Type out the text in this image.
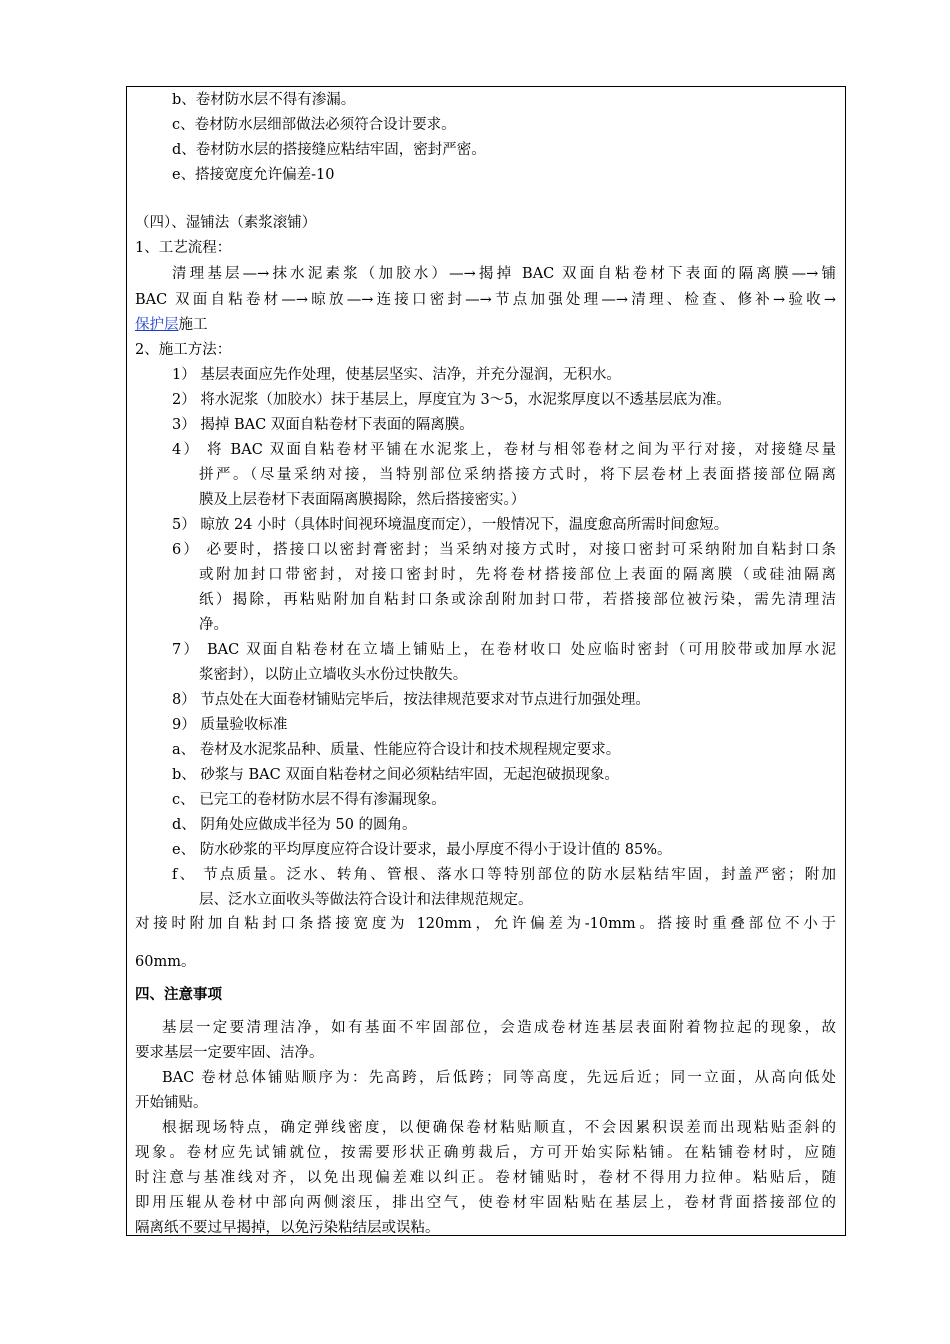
b、卷材防水层不得有渗漏。
c、卷材防水层细部做法必须符合设计要求。
d、卷材防水层的搭接缝应粘结牢固，密封严密。
e、搭接宽度允许偏差-10
（四）、湿铺法（素浆滚铺）
1、工艺流程：
清理基层—→抹水泥素浆（加胶水）—→揭掉 BAC 双面自粘卷材下表面的隔离膜—→铺
BAC 双面自粘卷材—→晾放—→连接口密封—→节点加强处理—→清理、检查、修补→验收→
保护层施工
2、施工方法：
1） 基层表面应先作处理，使基层坚实、洁净，并充分湿润，无积水。
2） 将水泥浆（加胶水）抹于基层上，厚度宜为 3～5，水泥浆厚度以不透基层底为准。
3） 揭掉 BAC 双面自粘卷材下表面的隔离膜。
4） 将 BAC 双面自粘卷材平铺在水泥浆上，卷材与相邻卷材之间为平行对接，对接缝尽量
拼严。（尽量采纳对接，当特别部位采纳搭接方式时，将下层卷材上表面搭接部位隔离
膜及上层卷材下表面隔离膜揭除，然后搭接密实。）
5） 晾放 24 小时（具体时间视环境温度而定），一般情况下，温度愈高所需时间愈短。
6） 必要时，搭接口以密封膏密封；当采纳对接方式时，对接口密封可采纳附加自粘封口条
或附加封口带密封，对接口密封时，先将卷材搭接部位上表面的隔离膜（或硅油隔离
纸）揭除，再粘贴附加自粘封口条或涂刮附加封口带，若搭接部位被污染，需先清理洁
净。
7） BAC 双面自粘卷材在立墙上铺贴上，在卷材收口 处应临时密封（可用胶带或加厚水泥
浆密封），以防止立墙收头水份过快散失。
8） 节点处在大面卷材铺贴完毕后，按法律规范要求对节点进行加强处理。
9） 质量验收标准
a、 卷材及水泥浆品种、质量、性能应符合设计和技术规程规定要求。
b、 砂浆与 BAC 双面自粘卷材之间必须粘结牢固，无起泡破损现象。
c、 已完工的卷材防水层不得有渗漏现象。
d、 阴角处应做成半径为 50 的圆角。
e、 防水砂浆的平均厚度应符合设计要求，最小厚度不得小于设计值的 85%。
f、 节点质量。泛水、转角、管根、落水口等特别部位的防水层粘结牢固，封盖严密；附加
层、泛水立面收头等做法符合设计和法律规范规定。
对接时附加自粘封口条搭接宽度为 120mm，允许偏差为-10mm。搭接时重叠部位不小于
60mm。
四、注意事项
基层一定要清理洁净，如有基面不牢固部位，会造成卷材连基层表面附着物拉起的现象，故
要求基层一定要牢固、洁净。
BAC 卷材总体铺贴顺序为：先高跨，后低跨；同等高度，先远后近；同一立面，从高向低处
开始铺贴。
根据现场特点，确定弹线密度，以便确保卷材粘贴顺直，不会因累积误差而出现粘贴歪斜的
现象。卷材应先试铺就位，按需要形状正确剪裁后，方可开始实际粘铺。在粘铺卷材时，应随
时注意与基准线对齐，以免出现偏差难以纠正。卷材铺贴时，卷材不得用力拉伸。粘贴后，随
即用压辊从卷材中部向两侧滚压，排出空气，使卷材牢固粘贴在基层上，卷材背面搭接部位的
隔离纸不要过早揭掉，以免污染粘结层或误粘。
